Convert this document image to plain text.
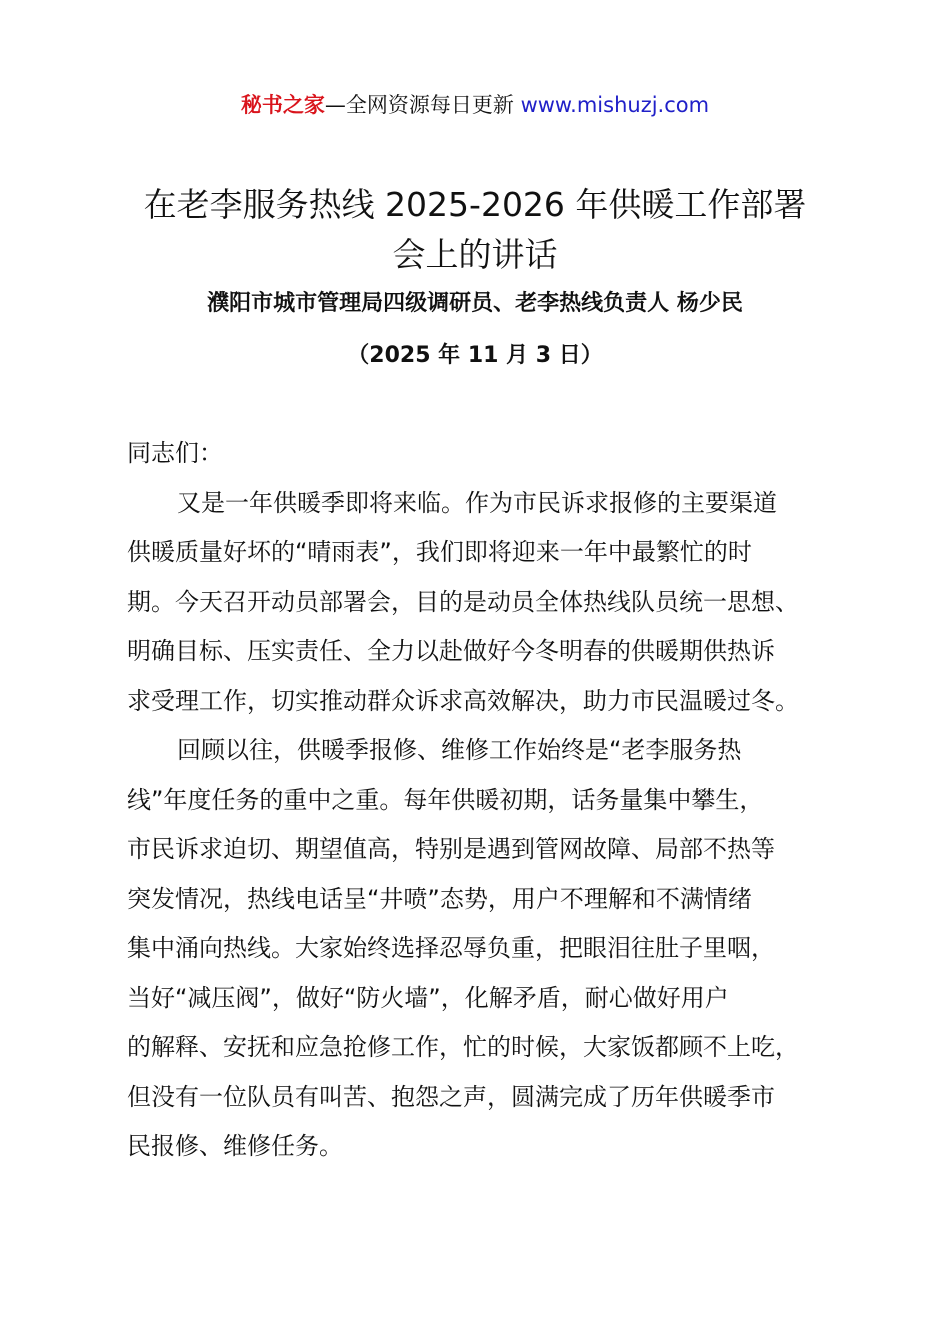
秘书之家—全网资源每日更新 www.mishuzj.com
在老李服务热线 2025-2026 年供暖工作部署
会上的讲话
濮阳市城市管理局四级调研员、老李热线负责人 杨少民
（2025 年 11 月 3 日）
同志们：
又是一年供暖季即将来临。作为市民诉求报修的主要渠道
供暖质量好坏的“晴雨表”，我们即将迎来一年中最繁忙的时
期。今天召开动员部署会，目的是动员全体热线队员统一思想、
明确目标、压实责任、全力以赴做好今冬明春的供暖期供热诉
求受理工作，切实推动群众诉求高效解决，助力市民温暖过冬。
回顾以往，供暖季报修、维修工作始终是“老李服务热
线”年度任务的重中之重。每年供暖初期，话务量集中攀生，
市民诉求迫切、期望值高，特别是遇到管网故障、局部不热等
突发情况，热线电话呈“井喷”态势，用户不理解和不满情绪
集中涌向热线。大家始终选择忍辱负重，把眼泪往肚子里咽，
当好“减压阀”，做好“防火墙”，化解矛盾，耐心做好用户
的解释、安抚和应急抢修工作，忙的时候，大家饭都顾不上吃，
但没有一位队员有叫苦、抱怨之声，圆满完成了历年供暖季市
民报修、维修任务。
